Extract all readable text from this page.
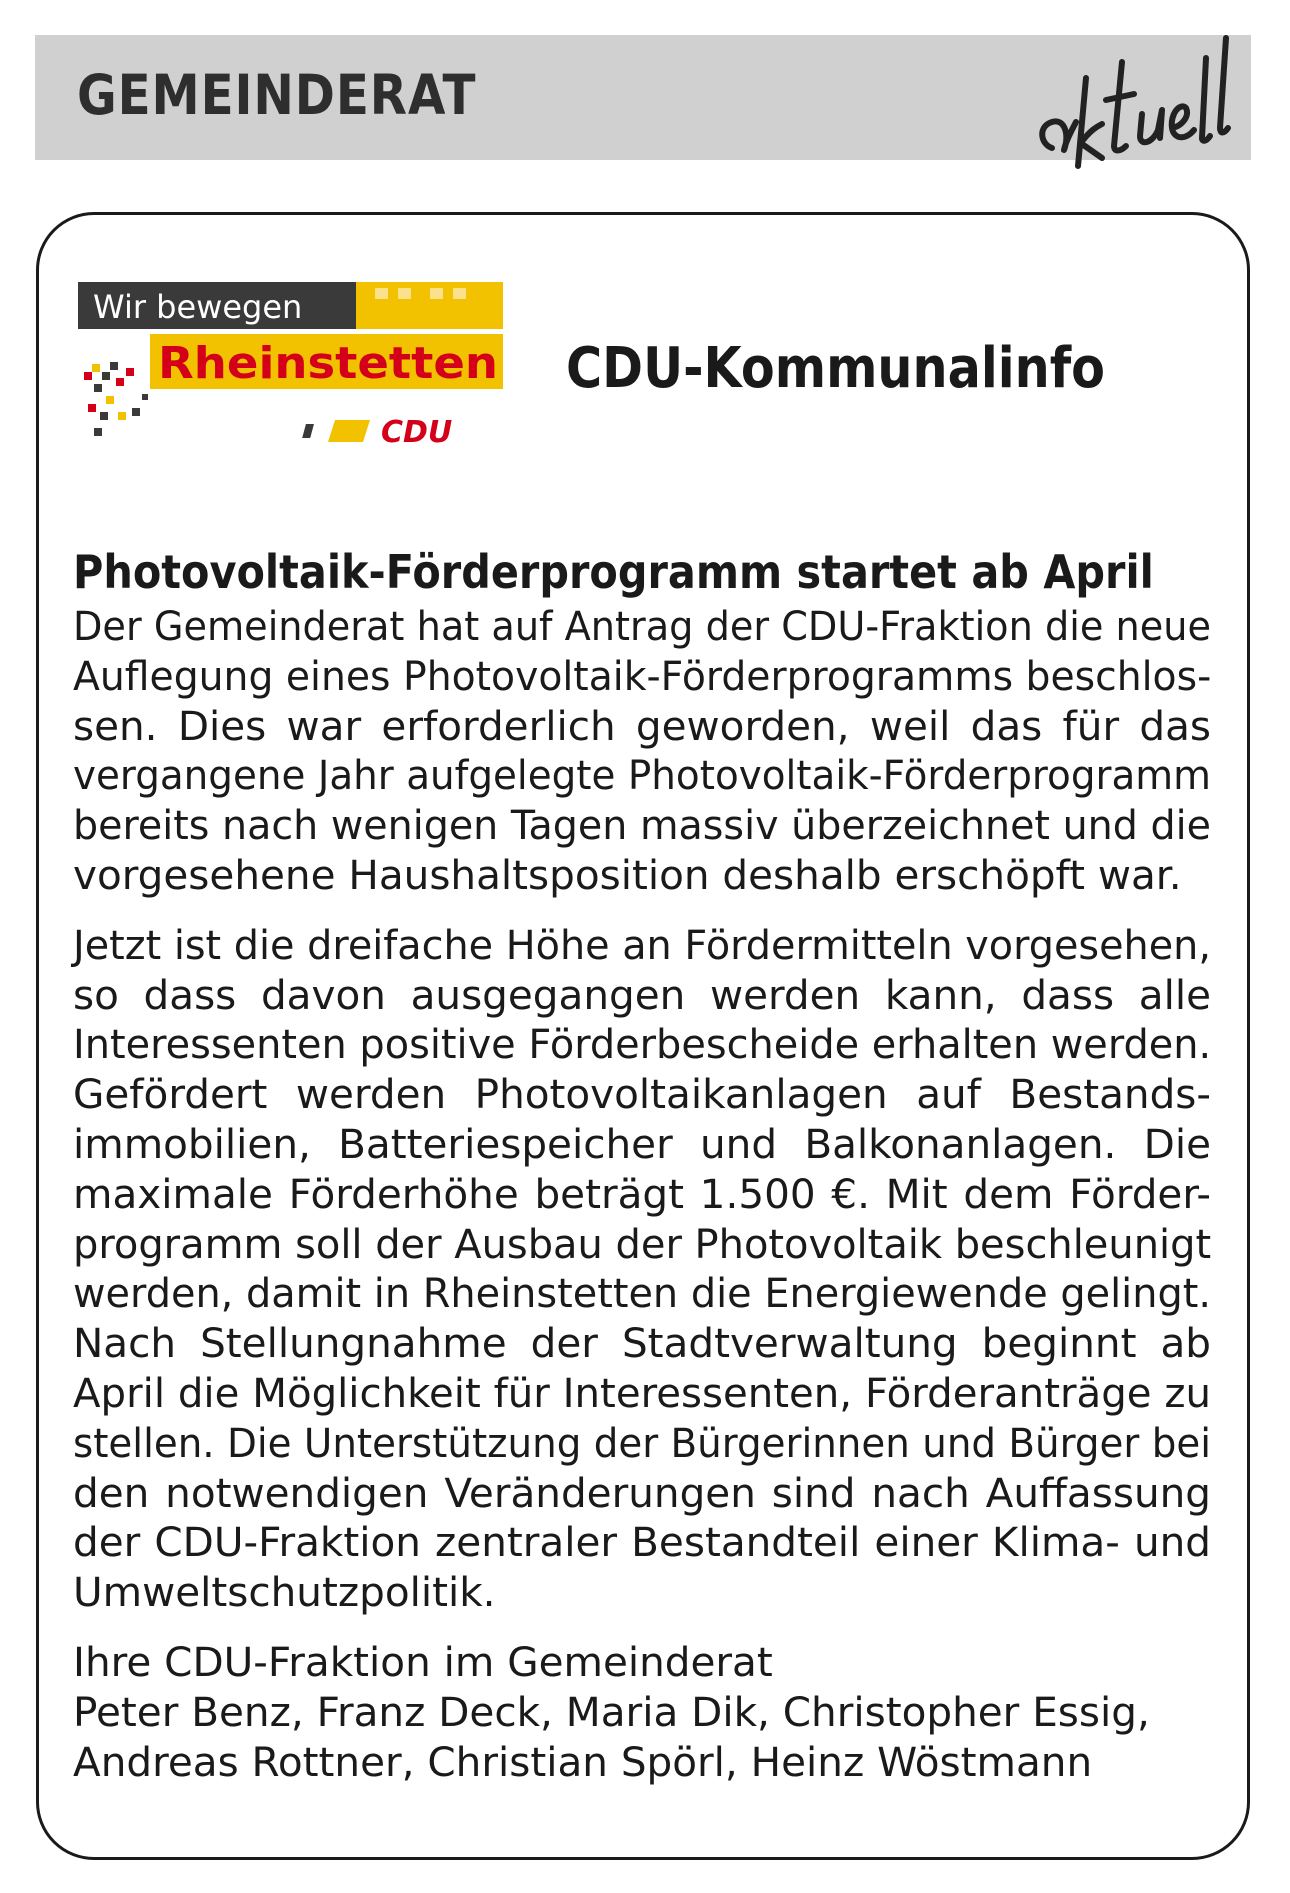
GEMEINDERAT
Wir bewegen
Rheinstetten
CDU
CDU-Kommunalinfo
Photovoltaik-Förderprogramm startet ab April
Der Gemeinderat hat auf Antrag der CDU-Fraktion die neue
Auflegung eines Photovoltaik-Förderprogramms beschlos-
sen. Dies war erforderlich geworden, weil das für das
vergangene Jahr aufgelegte Photovoltaik-Förderprogramm
bereits nach wenigen Tagen massiv überzeichnet und die
vorgesehene Haushaltsposition deshalb erschöpft war.
Jetzt ist die dreifache Höhe an Fördermitteln vorgesehen,
so dass davon ausgegangen werden kann, dass alle
Interessenten positive Förderbescheide erhalten werden.
Gefördert werden Photovoltaikanlagen auf Bestands-
immobilien, Batteriespeicher und Balkonanlagen. Die
maximale Förderhöhe beträgt 1.500 €. Mit dem Förder-
programm soll der Ausbau der Photovoltaik beschleunigt
werden, damit in Rheinstetten die Energiewende gelingt.
Nach Stellungnahme der Stadtverwaltung beginnt ab
April die Möglichkeit für Interessenten, Förderanträge zu
stellen. Die Unterstützung der Bürgerinnen und Bürger bei
den notwendigen Veränderungen sind nach Auffassung
der CDU-Fraktion zentraler Bestandteil einer Klima- und
Umweltschutzpolitik.
Ihre CDU-Fraktion im Gemeinderat
Peter Benz, Franz Deck, Maria Dik, Christopher Essig,
Andreas Rottner, Christian Spörl, Heinz Wöstmann
